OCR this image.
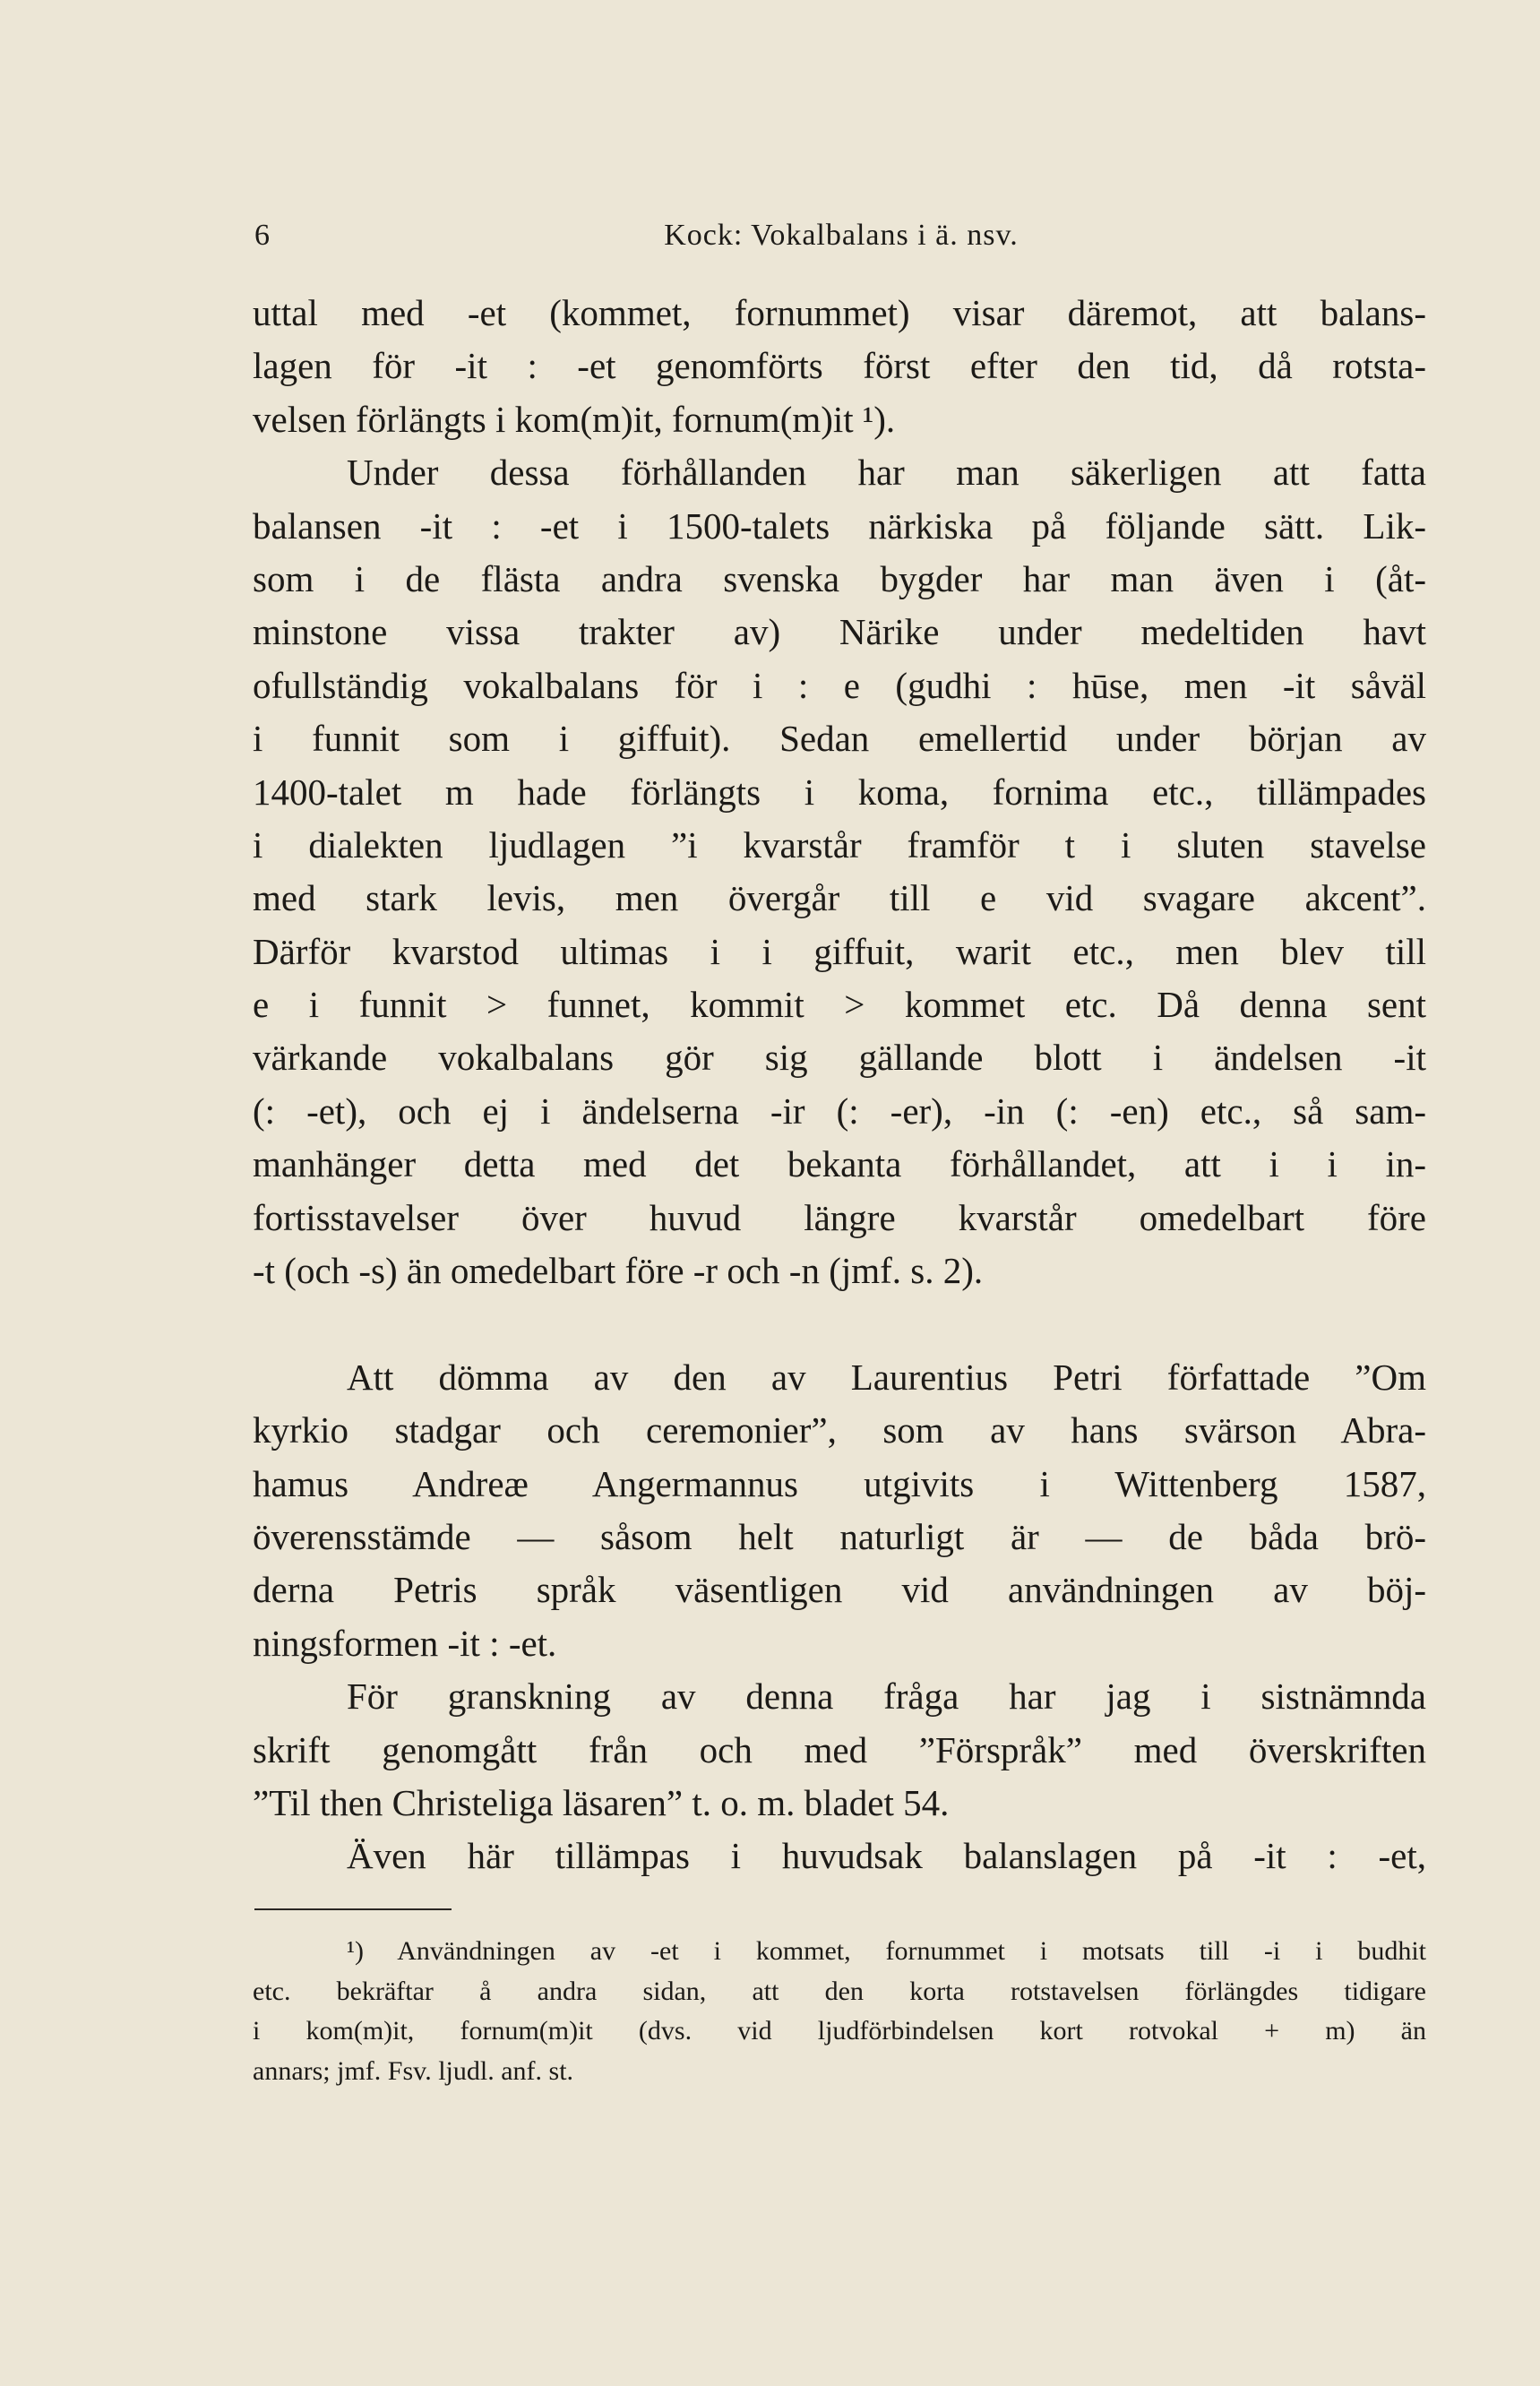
6	Kock: Vokalbalans i ä. nsv.
uttal med -et (kommet, fornummet) visar däremot, att balans-
lagen för -it : -et genomförts först efter den tid, då rotsta-
velsen förlängts i kom(m)it, fornum(m)it ¹).
Under dessa förhållanden har man säkerligen att fatta
balansen -it : -et i 1500-talets närkiska på följande sätt. Lik-
som i de flästa andra svenska bygder har man även i (åt-
minstone vissa trakter av) Närike under medeltiden havt
ofullständig vokalbalans för i : e (gudhi : hūse, men -it såväl
i funnit som i giffuit). Sedan emellertid under början av
1400-talet m hade förlängts i koma, fornima etc., tillämpades
i dialekten ljudlagen ”i kvarstår framför t i sluten stavelse
med stark levis, men övergår till e vid svagare akcent”.
Därför kvarstod ultimas i i giffuit, warit etc., men blev till
e i funnit > funnet, kommit > kommet etc. Då denna sent
värkande vokalbalans gör sig gällande blott i ändelsen -it
(: -et), och ej i ändelserna -ir (: -er), -in (: -en) etc., så sam-
manhänger detta med det bekanta förhållandet, att i i in-
fortisstavelser över huvud längre kvarstår omedelbart före
-t (och -s) än omedelbart före -r och -n (jmf. s. 2).
Att dömma av den av Laurentius Petri författade ”Om
kyrkio stadgar och ceremonier”, som av hans svärson Abra-
hamus Andreæ Angermannus utgivits i Wittenberg 1587,
överensstämde — såsom helt naturligt är — de båda brö-
derna Petris språk väsentligen vid användningen av böj-
ningsformen -it : -et.
För granskning av denna fråga har jag i sistnämnda
skrift genomgått från och med ”Förspråk” med överskriften
”Til then Christeliga läsaren” t. o. m. bladet 54.
Även här tillämpas i huvudsak balanslagen på -it : -et,
¹) Användningen av -et i kommet, fornummet i motsats till -i i budhit
etc. bekräftar å andra sidan, att den korta rotstavelsen förlängdes tidigare
i kom(m)it, fornum(m)it (dvs. vid ljudförbindelsen kort rotvokal + m) än
annars; jmf. Fsv. ljudl. anf. st.
